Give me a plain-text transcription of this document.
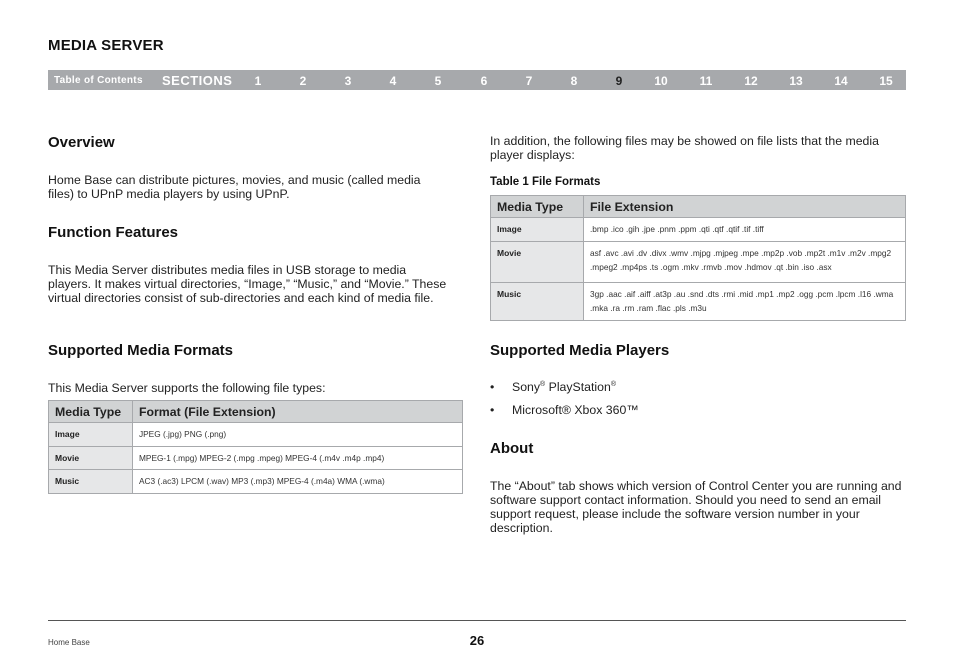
MEDIA SERVER
Table of Contents SECTIONS	1	2	3	4	5	6	7	8	9	10	11	12	13	14	15
Overview

Home Base can distribute pictures, movies, and music (called media files) to UPnP media players by using UPnP.

Function Features

This Media Server distributes media files in USB storage to media players. It makes virtual directories, “Image,” “Music,” and “Movie.” These virtual directories consist of sub-directories and each kind of media file.

Supported Media Formats

This Media Server supports the following file types:

Media Type	Format (File Extension)
Image	JPEG (.jpg) PNG (.png)
Movie	MPEG-1 (.mpg) MPEG-2 (.mpg .mpeg) MPEG-4 (.m4v .m4p .mp4)
Music	AC3 (.ac3) LPCM (.wav) MP3 (.mp3) MPEG-4 (.m4a) WMA (.wma)

In addition, the following files may be showed on file lists that the media player displays:

Table 1 File Formats

Media Type	File Extension
Image	.bmp .ico .gih .jpe .pnm .ppm .qti .qtf .qtif .tif .tiff
Movie	asf .avc .avi .dv .divx .wmv .mjpg .mjpeg .mpe .mp2p .vob .mp2t .m1v .m2v .mpg2 .mpeg2 .mp4ps .ts .ogm .mkv .rmvb .mov .hdmov .qt .bin .iso .asx
Music	3gp .aac .aif .aiff .at3p .au .snd .dts .rmi .mid .mp1 .mp2 .ogg .pcm .lpcm .l16 .wma .mka .ra .rm .ram .flac .pls .m3u
Supported Media Players
• Sony® PlayStation®
• Microsoft® Xbox 360™
About

The “About” tab shows which version of Control Center you are running and software support contact information. Should you need to send an email support request, please include the software version number in your description.

Home Base	26
